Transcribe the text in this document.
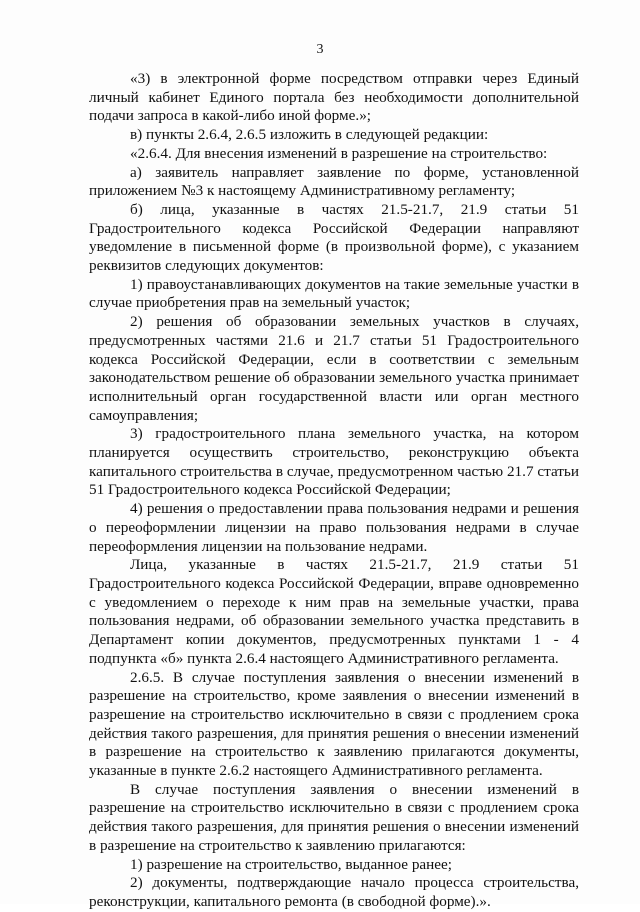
3

«3) в электронной форме посредством отправки через Единый личный кабинет Единого портала без необходимости дополнительной подачи запроса в какой-либо иной форме.»;

в) пункты 2.6.4, 2.6.5 изложить в следующей редакции:

«2.6.4. Для внесения изменений в разрешение на строительство:

а) заявитель направляет заявление по форме, установленной приложением №3 к настоящему Административному регламенту;

б) лица, указанные в частях 21.5-21.7, 21.9 статьи 51 Градостроительного кодекса Российской Федерации направляют уведомление в письменной форме (в произвольной форме), с указанием реквизитов следующих документов:

1) правоустанавливающих документов на такие земельные участки в случае приобретения прав на земельный участок;

2) решения об образовании земельных участков в случаях, предусмотренных частями 21.6 и 21.7 статьи 51 Градостроительного кодекса Российской Федерации, если в соответствии с земельным законодательством решение об образовании земельного участка принимает исполнительный орган государственной власти или орган местного самоуправления;

3) градостроительного плана земельного участка, на котором планируется осуществить строительство, реконструкцию объекта капитального строительства в случае, предусмотренном частью 21.7 статьи 51 Градостроительного кодекса Российской Федерации;

4) решения о предоставлении права пользования недрами и решения о переоформлении лицензии на право пользования недрами в случае переоформления лицензии на пользование недрами.

Лица, указанные в частях 21.5-21.7, 21.9 статьи 51 Градостроительного кодекса Российской Федерации, вправе одновременно с уведомлением о переходе к ним прав на земельные участки, права пользования недрами, об образовании земельного участка представить в Департамент копии документов, предусмотренных пунктами 1 - 4 подпункта «б» пункта 2.6.4 настоящего Административного регламента.

2.6.5. В случае поступления заявления о внесении изменений в разрешение на строительство, кроме заявления о внесении изменений в разрешение на строительство исключительно в связи с продлением срока действия такого разрешения, для принятия решения о внесении изменений в разрешение на строительство к заявлению прилагаются документы, указанные в пункте 2.6.2 настоящего Административного регламента.

В случае поступления заявления о внесении изменений в разрешение на строительство исключительно в связи с продлением срока действия такого разрешения, для принятия решения о внесении изменений в разрешение на строительство к заявлению прилагаются:

1) разрешение на строительство, выданное ранее;

2) документы, подтверждающие начало процесса строительства, реконструкции, капитального ремонта (в свободной форме).».
